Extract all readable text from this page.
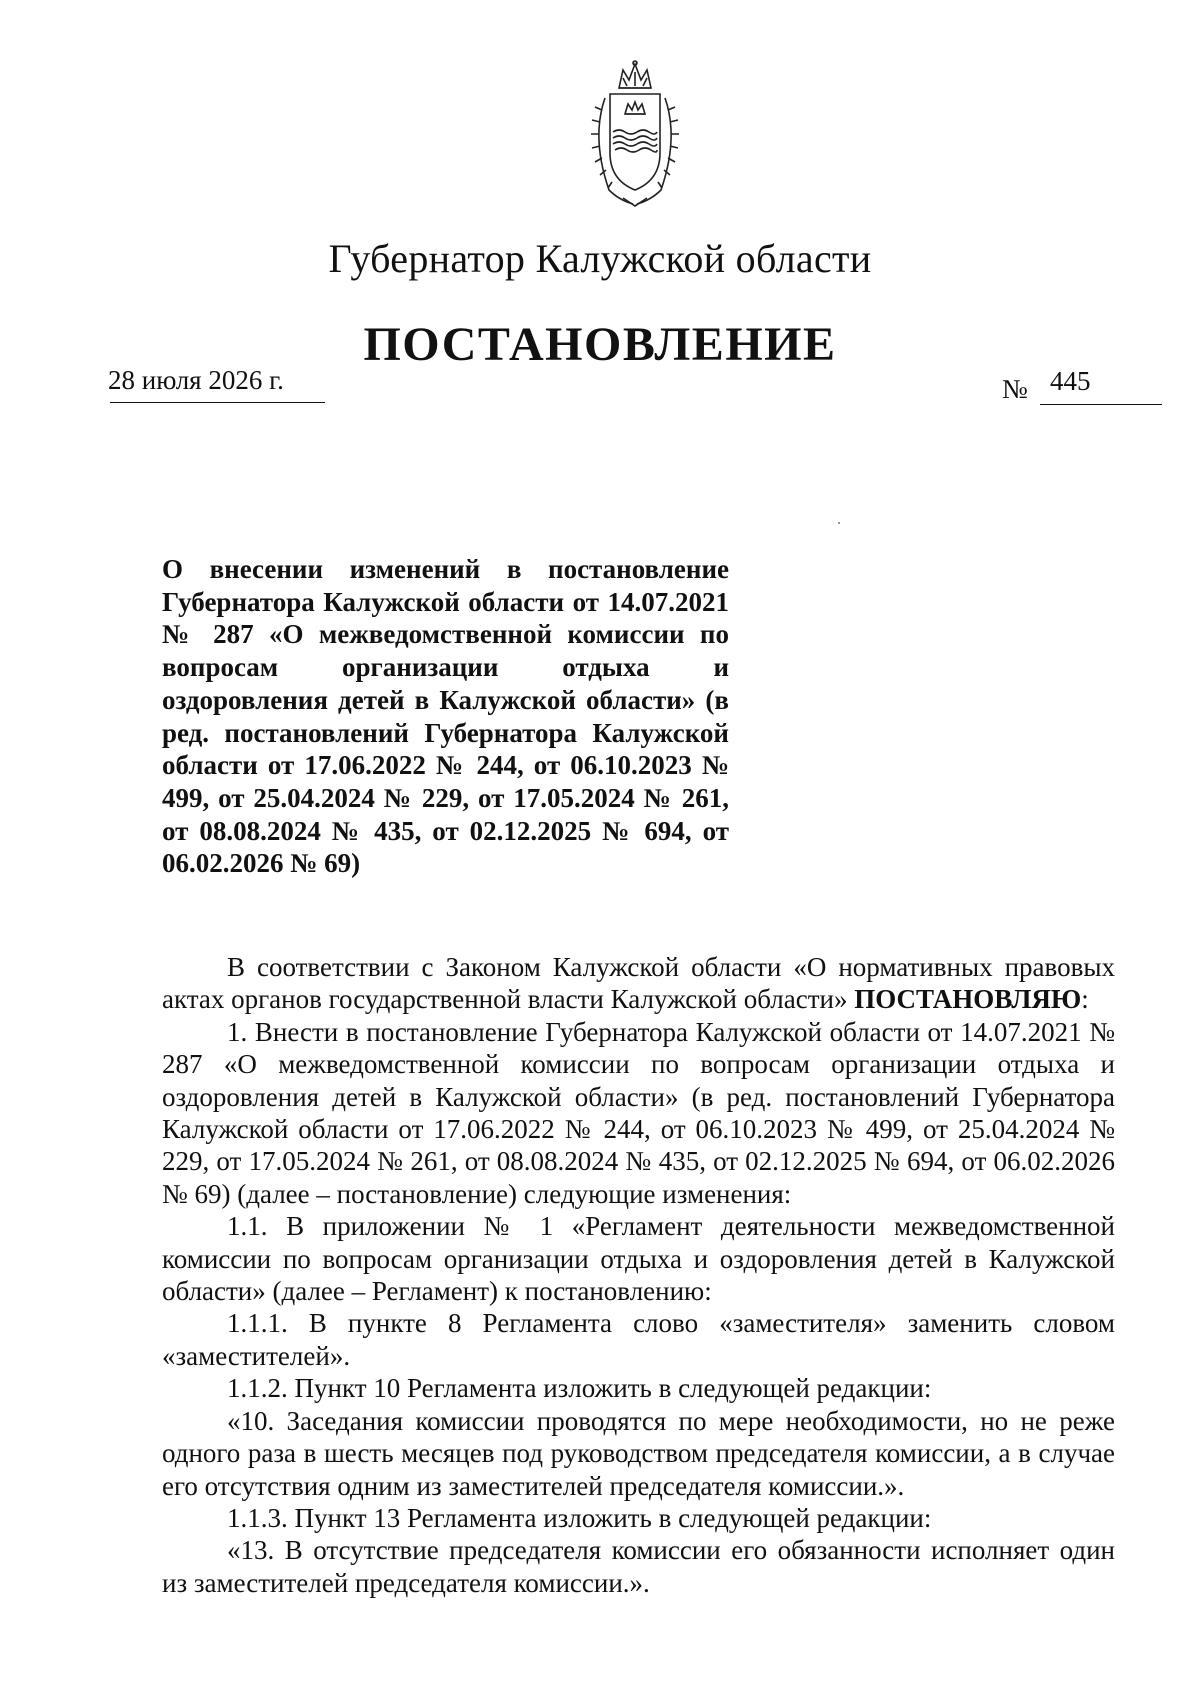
Губернатор Калужской области
ПОСТАНОВЛЕНИЕ
28 июля 2026 г.	№ 445
О внесении изменений в постановление Губернатора Калужской области от 14.07.2021 № 287 «О межведомственной комиссии по вопросам организации отдыха и оздоровления детей в Калужской области» (в ред. постановлений Губернатора Калужской области от 17.06.2022 № 244, от 06.10.2023 № 499, от 25.04.2024 № 229, от 17.05.2024 № 261, от 08.08.2024 № 435, от 02.12.2025 № 694, от 06.02.2026 № 69)

В соответствии с Законом Калужской области «О нормативных правовых актах органов государственной власти Калужской области» ПОСТАНОВЛЯЮ:

1. Внести в постановление Губернатора Калужской области от 14.07.2021 № 287 «О межведомственной комиссии по вопросам организации отдыха и оздоровления детей в Калужской области» (в ред. постановлений Губернатора Калужской области от 17.06.2022 № 244, от 06.10.2023 № 499, от 25.04.2024 № 229, от 17.05.2024 № 261, от 08.08.2024 № 435, от 02.12.2025 № 694, от 06.02.2026 № 69) (далее – постановление) следующие изменения:

1.1. В приложении № 1 «Регламент деятельности межведомственной комиссии по вопросам организации отдыха и оздоровления детей в Калужской области» (далее – Регламент) к постановлению:

1.1.1. В пункте 8 Регламента слово «заместителя» заменить словом «заместителей».

1.1.2. Пункт 10 Регламента изложить в следующей редакции:

«10. Заседания комиссии проводятся по мере необходимости, но не реже одного раза в шесть месяцев под руководством председателя комиссии, а в случае его отсутствия одним из заместителей председателя комиссии.».

1.1.3. Пункт 13 Регламента изложить в следующей редакции:

«13. В отсутствие председателя комиссии его обязанности исполняет один из заместителей председателя комиссии.».
